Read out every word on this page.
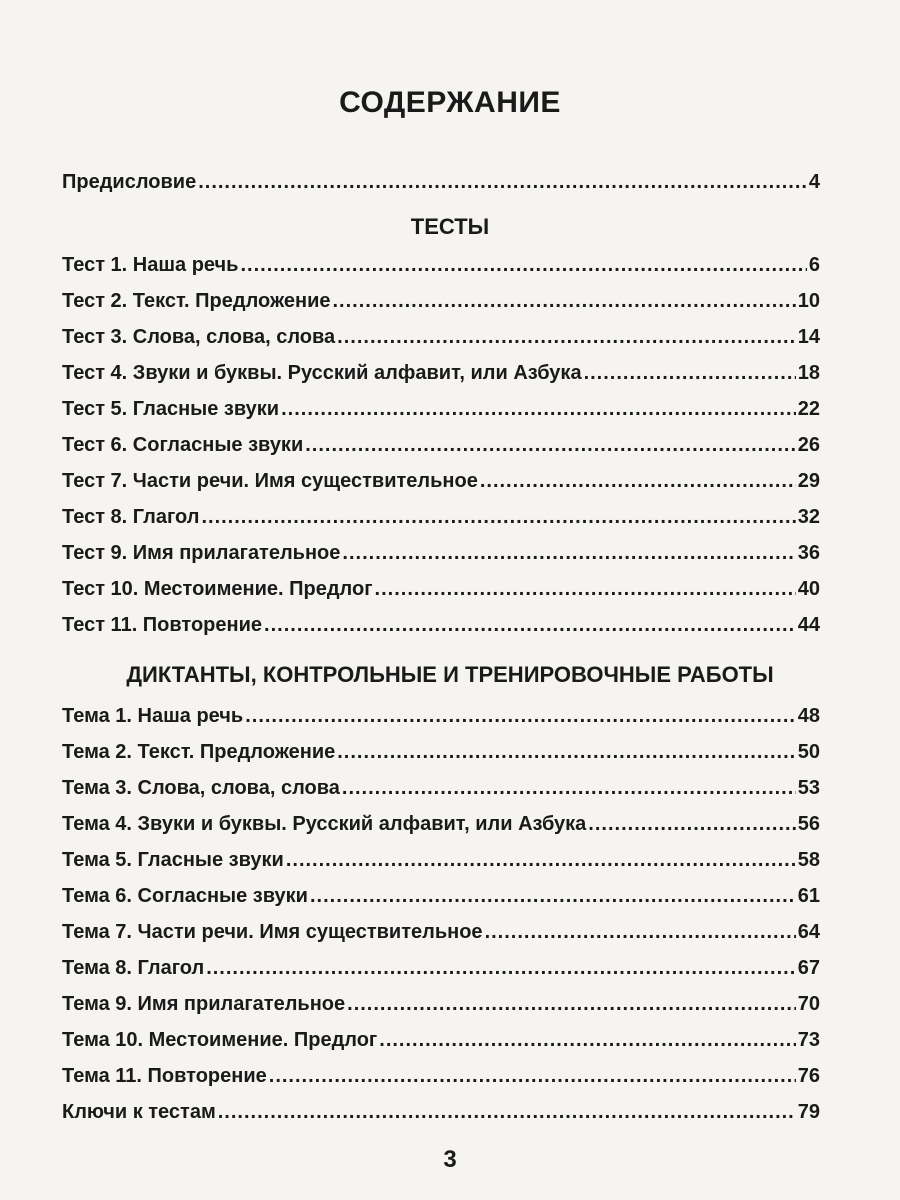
СОДЕРЖАНИЕ
Предисловие .....	4
ТЕСТЫ
Тест 1. Наша речь .....	6
Тест 2. Текст. Предложение .....	10
Тест 3. Слова, слова, слова .....	14
Тест 4. Звуки и буквы. Русский алфавит, или Азбука .....	18
Тест 5. Гласные звуки .....	22
Тест 6. Согласные звуки .....	26
Тест 7. Части речи. Имя существительное .....	29
Тест 8. Глагол .....	32
Тест 9. Имя прилагательное .....	36
Тест 10. Местоимение. Предлог .....	40
Тест 11. Повторение .....	44
ДИКТАНТЫ, КОНТРОЛЬНЫЕ И ТРЕНИРОВОЧНЫЕ РАБОТЫ
Тема 1. Наша речь .....	48
Тема 2. Текст. Предложение .....	50
Тема 3. Слова, слова, слова .....	53
Тема 4. Звуки и буквы. Русский алфавит, или Азбука .....	56
Тема 5. Гласные звуки .....	58
Тема 6. Согласные звуки .....	61
Тема 7. Части речи. Имя существительное .....	64
Тема 8. Глагол .....	67
Тема 9. Имя прилагательное .....	70
Тема 10. Местоимение. Предлог .....	73
Тема 11. Повторение .....	76
Ключи к тестам .....	79
3
